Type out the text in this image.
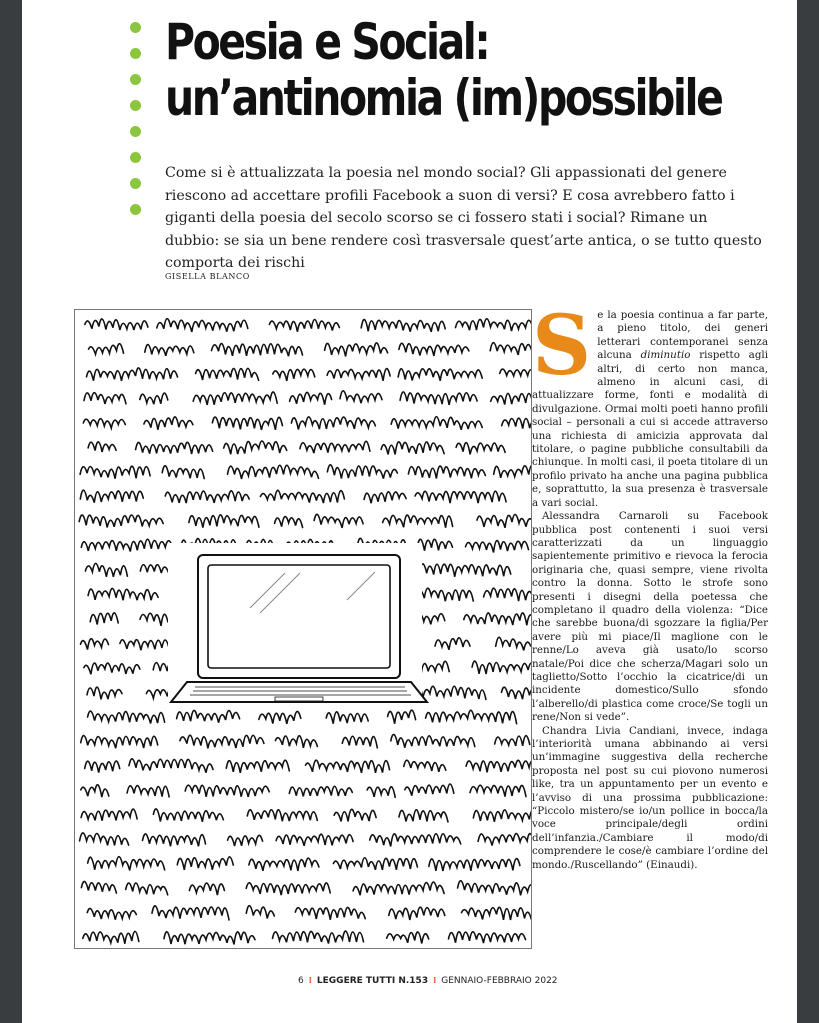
Poesia e Social:
un’antinomia (im)possibile
Come si è attualizzata la poesia nel mondo social? Gli appassionati del genere riescono ad accettare profili Facebook a suon di versi? E cosa avrebbero fatto i giganti della poesia del secolo scorso se ci fossero stati i social? Rimane un dubbio: se sia un bene rendere così trasversale quest’arte antica, o se tutto questo comporta dei rischi
GISELLA BLANCO

Se la poesia continua a far parte, a pieno titolo, dei generi letterari contemporanei senza alcuna diminutio rispetto agli altri, di certo non manca, almeno in alcuni casi, di attualizzare forme, fonti e modalità di divulgazione. Ormai molti poeti hanno profili social – personali a cui si accede attraverso una richiesta di amicizia approvata dal titolare, o pagine pubbliche consultabili da chiunque. In molti casi, il poeta titolare di un profilo privato ha anche una pagina pubblica e, soprattutto, la sua presenza è trasversale a vari social.

Alessandra Carnaroli su Facebook pubblica post contenenti i suoi versi caratterizzati da un linguaggio sapientemente primitivo e rievoca la ferocia originaria che, quasi sempre, viene rivolta contro la donna. Sotto le strofe sono presenti i disegni della poetessa che completano il quadro della violenza: “Dice che sarebbe buona/di sgozzare la figlia/Per avere più mi piace/Il maglione con le renne/Lo aveva già usato/lo scorso natale/Poi dice che scherza/Magari solo un taglietto/Sotto l’occhio la cicatrice/di un incidente domestico/Sullo sfondo l’alberello/di plastica come croce/Se togli un rene/Non si vede”.

Chandra Livia Candiani, invece, indaga l’interiorità umana abbinando ai versi un’immagine suggestiva della recherche proposta nel post su cui piovono numerosi like, tra un appuntamento per un evento e l’avviso di una prossima pubblicazione: “Piccolo mistero/se io/un pollice in bocca/la voce principale/degli ordini dell’infanzia./Cambiare il modo/di comprendere le cose/è cambiare l’ordine del mondo./Ruscellando” (Einaudi).

6 ⁞ LEGGERE TUTTI N.153 ⁞ GENNAIO-FEBBRAIO 2022
